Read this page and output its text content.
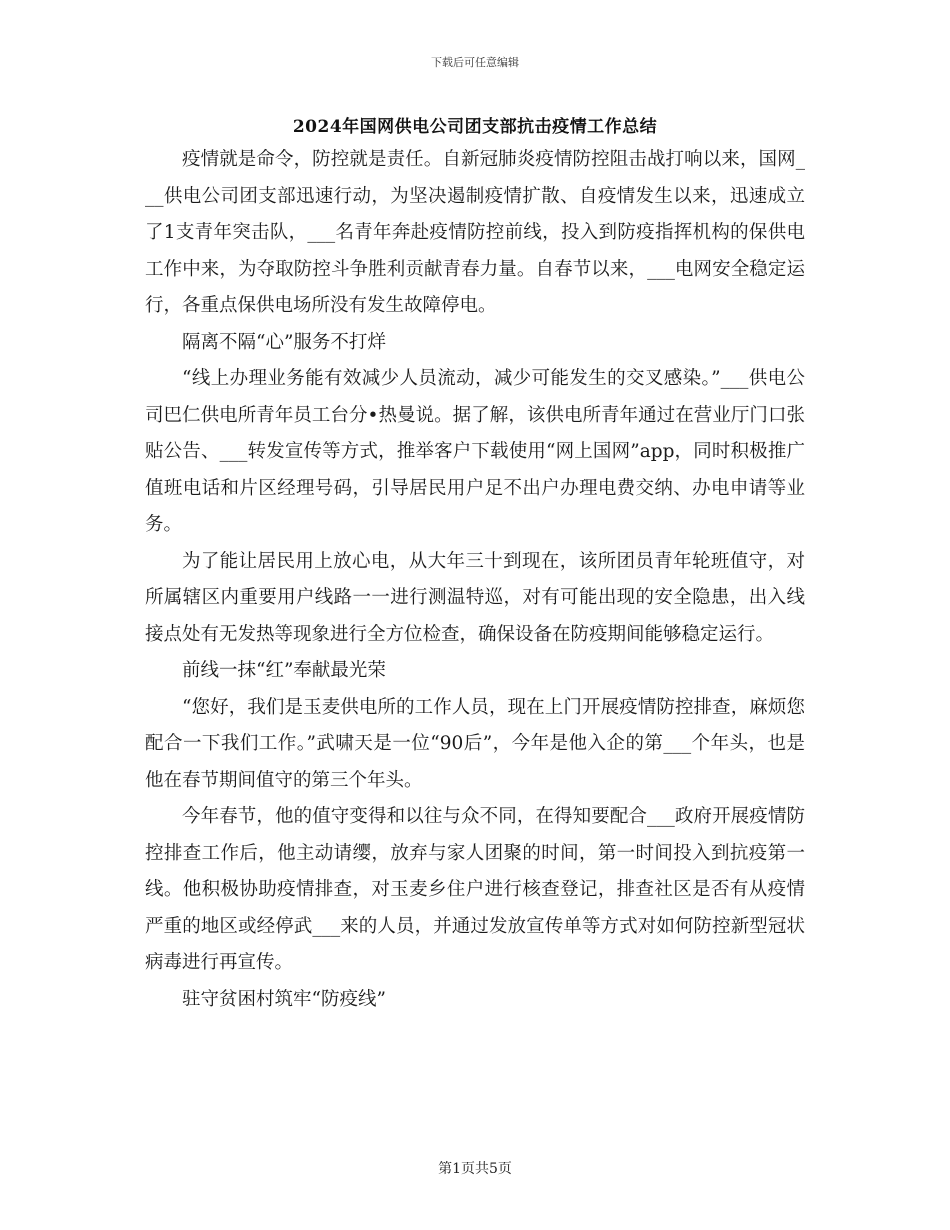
下载后可任意编辑
2024年国网供电公司团支部抗击疫情工作总结

疫情就是命令，防控就是责任。自新冠肺炎疫情防控阻击战打响以来，国网___供电公司团支部迅速行动，为坚决遏制疫情扩散、自疫情发生以来，迅速成立了1支青年突击队，___名青年奔赴疫情防控前线，投入到防疫指挥机构的保供电工作中来，为夺取防控斗争胜利贡献青春力量。自春节以来，___电网安全稳定运行，各重点保供电场所没有发生故障停电。

隔离不隔“心”服务不打烊

“线上办理业务能有效减少人员流动，减少可能发生的交叉感染。”___供电公司巴仁供电所青年员工台分•热曼说。据了解，该供电所青年通过在营业厅门口张贴公告、___转发宣传等方式，推举客户下载使用“网上国网”app，同时积极推广值班电话和片区经理号码，引导居民用户足不出户办理电费交纳、办电申请等业务。

为了能让居民用上放心电，从大年三十到现在，该所团员青年轮班值守，对所属辖区内重要用户线路一一进行测温特巡，对有可能出现的安全隐患，出入线接点处有无发热等现象进行全方位检查，确保设备在防疫期间能够稳定运行。

前线一抹“红”奉献最光荣

“您好，我们是玉麦供电所的工作人员，现在上门开展疫情防控排查，麻烦您配合一下我们工作。”武啸天是一位“90后”，今年是他入企的第___个年头，也是他在春节期间值守的第三个年头。

今年春节，他的值守变得和以往与众不同，在得知要配合___政府开展疫情防控排查工作后，他主动请缨，放弃与家人团聚的时间，第一时间投入到抗疫第一线。他积极协助疫情排查，对玉麦乡住户进行核查登记，排查社区是否有从疫情严重的地区或经停武___来的人员，并通过发放宣传单等方式对如何防控新型冠状病毒进行再宣传。

驻守贫困村筑牢“防疫线”

第1页共5页
